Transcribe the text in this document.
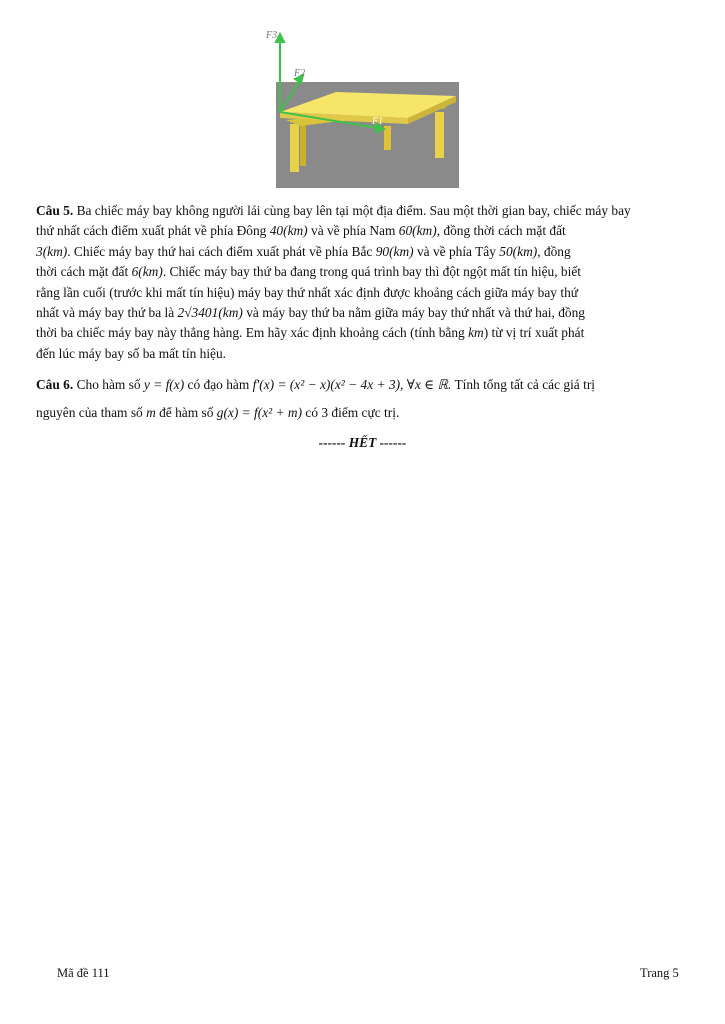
F3
F2
F1
Câu 5. Ba chiếc máy bay không người lái cùng bay lên tại một địa điểm. Sau một thời gian bay, chiếc máy bay
thứ nhất cách điểm xuất phát về phía Đông 40(km) và về phía Nam 60(km), đồng thời cách mặt đất
3(km). Chiếc máy bay thứ hai cách điểm xuất phát về phía Bắc 90(km) và về phía Tây 50(km), đồng
thời cách mặt đất 6(km). Chiếc máy bay thứ ba đang trong quá trình bay thì đột ngột mất tín hiệu, biết
rằng lần cuối (trước khi mất tín hiệu) máy bay thứ nhất xác định được khoảng cách giữa máy bay thứ
nhất và máy bay thứ ba là 2√3401(km) và máy bay thứ ba nằm giữa máy bay thứ nhất và thứ hai, đồng
thời ba chiếc máy bay này thẳng hàng. Em hãy xác định khoảng cách (tính bằng km) từ vị trí xuất phát
đến lúc máy bay số ba mất tín hiệu.
Câu 6. Cho hàm số y = f(x) có đạo hàm f′(x) = (x² − x)(x² − 4x + 3), ∀x ∈ ℝ. Tính tổng tất cả các giá trị
nguyên của tham số m để hàm số g(x) = f(x² + m) có 3 điểm cực trị.
------ HẾT ------
Mã đề 111	Trang 5
